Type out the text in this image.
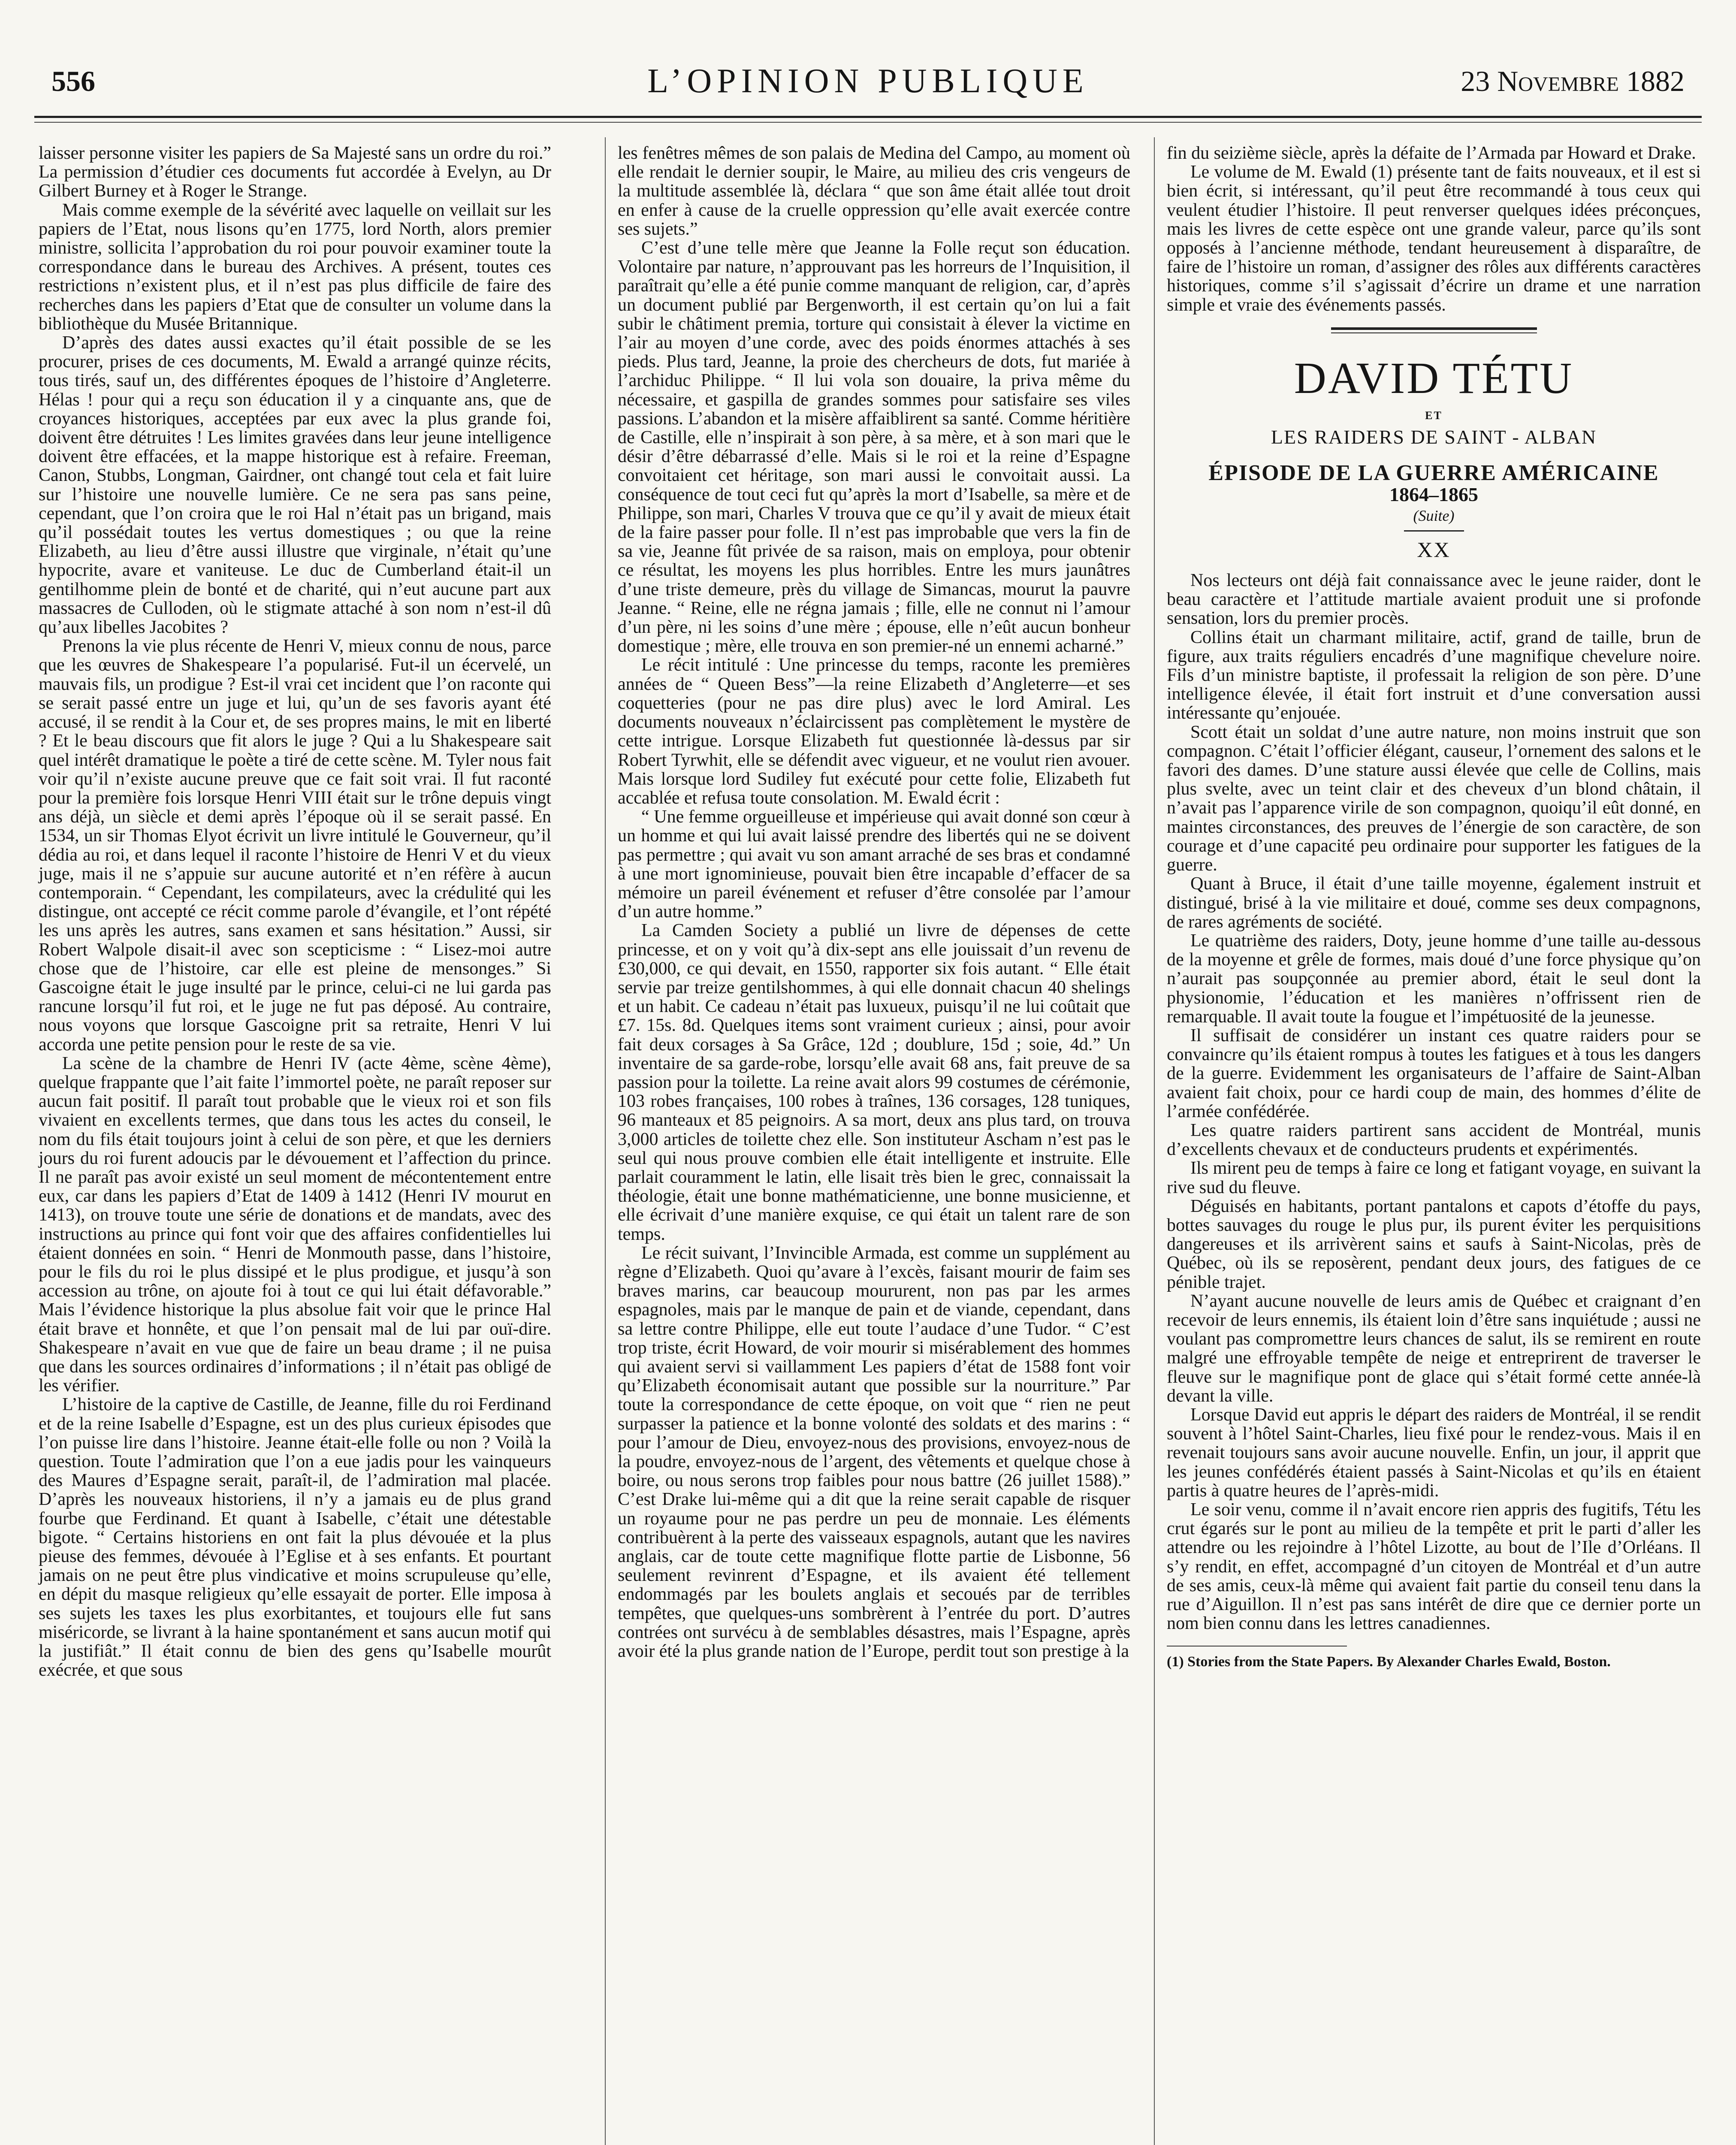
556	L’OPINION PUBLIQUE	23 Novembre 1882

laisser personne visiter les papiers de Sa Majesté sans un ordre du roi.” La permission d’étudier ces documents fut accordée à Evelyn, au Dr Gilbert Burney et à Roger le Strange.

Mais comme exemple de la sévérité avec laquelle on veillait sur les papiers de l’Etat, nous lisons qu’en 1775, lord North, alors premier ministre, sollicita l’approbation du roi pour pouvoir examiner toute la correspondance dans le bureau des Archives. A présent, toutes ces restrictions n’existent plus, et il n’est pas plus difficile de faire des recherches dans les papiers d’Etat que de consulter un volume dans la bibliothèque du Musée Britannique.

D’après des dates aussi exactes qu’il était possible de se les procurer, prises de ces documents, M. Ewald a arrangé quinze récits, tous tirés, sauf un, des différentes époques de l’histoire d’Angleterre. Hélas ! pour qui a reçu son éducation il y a cinquante ans, que de croyances historiques, acceptées par eux avec la plus grande foi, doivent être détruites ! Les limites gravées dans leur jeune intelligence doivent être effacées, et la mappe historique est à refaire. Freeman, Canon, Stubbs, Longman, Gairdner, ont changé tout cela et fait luire sur l’histoire une nouvelle lumière. Ce ne sera pas sans peine, cependant, que l’on croira que le roi Hal n’était pas un brigand, mais qu’il possédait toutes les vertus domestiques ; ou que la reine Elizabeth, au lieu d’être aussi illustre que virginale, n’était qu’une hypocrite, avare et vaniteuse. Le duc de Cumberland était-il un gentilhomme plein de bonté et de charité, qui n’eut aucune part aux massacres de Culloden, où le stigmate attaché à son nom n’est-il dû qu’aux libelles Jacobites ?

Prenons la vie plus récente de Henri V, mieux connu de nous, parce que les œuvres de Shakespeare l’a popularisé. Fut-il un écervelé, un mauvais fils, un prodigue ? Est-il vrai cet incident que l’on raconte qui se serait passé entre un juge et lui, qu’un de ses favoris ayant été accusé, il se rendit à la Cour et, de ses propres mains, le mit en liberté ? Et le beau discours que fit alors le juge ? Qui a lu Shakespeare sait quel intérêt dramatique le poète a tiré de cette scène. M. Tyler nous fait voir qu’il n’existe aucune preuve que ce fait soit vrai. Il fut raconté pour la première fois lorsque Henri VIII était sur le trône depuis vingt ans déjà, un siècle et demi après l’époque où il se serait passé. En 1534, un sir Thomas Elyot écrivit un livre intitulé le Gouverneur, qu’il dédia au roi, et dans lequel il raconte l’histoire de Henri V et du vieux juge, mais il ne s’appuie sur aucune autorité et n’en réfère à aucun contemporain. “ Cependant, les compilateurs, avec la crédulité qui les distingue, ont accepté ce récit comme parole d’évangile, et l’ont répété les uns après les autres, sans examen et sans hésitation.” Aussi, sir Robert Walpole disait-il avec son scepticisme : “ Lisez-moi autre chose que de l’histoire, car elle est pleine de mensonges.” Si Gascoigne était le juge insulté par le prince, celui-ci ne lui garda pas rancune lorsqu’il fut roi, et le juge ne fut pas déposé. Au contraire, nous voyons que lorsque Gascoigne prit sa retraite, Henri V lui accorda une petite pension pour le reste de sa vie.

La scène de la chambre de Henri IV (acte 4ème, scène 4ème), quelque frappante que l’ait faite l’immortel poète, ne paraît reposer sur aucun fait positif. Il paraît tout probable que le vieux roi et son fils vivaient en excellents termes, que dans tous les actes du conseil, le nom du fils était toujours joint à celui de son père, et que les derniers jours du roi furent adoucis par le dévouement et l’affection du prince. Il ne paraît pas avoir existé un seul moment de mécontentement entre eux, car dans les papiers d’Etat de 1409 à 1412 (Henri IV mourut en 1413), on trouve toute une série de donations et de mandats, avec des instructions au prince qui font voir que des affaires confidentielles lui étaient données en soin. “ Henri de Monmouth passe, dans l’histoire, pour le fils du roi le plus dissipé et le plus prodigue, et jusqu’à son accession au trône, on ajoute foi à tout ce qui lui était défavorable.” Mais l’évidence historique la plus absolue fait voir que le prince Hal était brave et honnête, et que l’on pensait mal de lui par ouï-dire. Shakespeare n’avait en vue que de faire un beau drame ; il ne puisa que dans les sources ordinaires d’informations ; il n’était pas obligé de les vérifier.

L’histoire de la captive de Castille, de Jeanne, fille du roi Ferdinand et de la reine Isabelle d’Espagne, est un des plus curieux épisodes que l’on puisse lire dans l’histoire. Jeanne était-elle folle ou non ? Voilà la question. Toute l’admiration que l’on a eue jadis pour les vainqueurs des Maures d’Espagne serait, paraît-il, de l’admiration mal placée. D’après les nouveaux historiens, il n’y a jamais eu de plus grand fourbe que Ferdinand. Et quant à Isabelle, c’était une détestable bigote. “ Certains historiens en ont fait la plus dévouée et la plus pieuse des femmes, dévouée à l’Eglise et à ses enfants. Et pourtant jamais on ne peut être plus vindicative et moins scrupuleuse qu’elle, en dépit du masque religieux qu’elle essayait de porter. Elle imposa à ses sujets les taxes les plus exorbitantes, et toujours elle fut sans miséricorde, se livrant à la haine spontanément et sans aucun motif qui la justifiât.” Il était connu de bien des gens qu’Isabelle mourût exécrée, et que sous

les fenêtres mêmes de son palais de Medina del Campo, au moment où elle rendait le dernier soupir, le Maire, au milieu des cris vengeurs de la multitude assemblée là, déclara “ que son âme était allée tout droit en enfer à cause de la cruelle oppression qu’elle avait exercée contre ses sujets.”

C’est d’une telle mère que Jeanne la Folle reçut son éducation. Volontaire par nature, n’approuvant pas les horreurs de l’Inquisition, il paraîtrait qu’elle a été punie comme manquant de religion, car, d’après un document publié par Bergenworth, il est certain qu’on lui a fait subir le châtiment premia, torture qui consistait à élever la victime en l’air au moyen d’une corde, avec des poids énormes attachés à ses pieds. Plus tard, Jeanne, la proie des chercheurs de dots, fut mariée à l’archiduc Philippe. “ Il lui vola son douaire, la priva même du nécessaire, et gaspilla de grandes sommes pour satisfaire ses viles passions. L’abandon et la misère affaiblirent sa santé. Comme héritière de Castille, elle n’inspirait à son père, à sa mère, et à son mari que le désir d’être débarrassé d’elle. Mais si le roi et la reine d’Espagne convoitaient cet héritage, son mari aussi le convoitait aussi. La conséquence de tout ceci fut qu’après la mort d’Isabelle, sa mère et de Philippe, son mari, Charles V trouva que ce qu’il y avait de mieux était de la faire passer pour folle. Il n’est pas improbable que vers la fin de sa vie, Jeanne fût privée de sa raison, mais on employa, pour obtenir ce résultat, les moyens les plus horribles. Entre les murs jaunâtres d’une triste demeure, près du village de Simancas, mourut la pauvre Jeanne. “ Reine, elle ne régna jamais ; fille, elle ne connut ni l’amour d’un père, ni les soins d’une mère ; épouse, elle n’eût aucun bonheur domestique ; mère, elle trouva en son premier-né un ennemi acharné.”

Le récit intitulé : Une princesse du temps, raconte les premières années de “ Queen Bess”—la reine Elizabeth d’Angleterre—et ses coquetteries (pour ne pas dire plus) avec le lord Amiral. Les documents nouveaux n’éclaircissent pas complètement le mystère de cette intrigue. Lorsque Elizabeth fut questionnée là-dessus par sir Robert Tyrwhit, elle se défendit avec vigueur, et ne voulut rien avouer. Mais lorsque lord Sudiley fut exécuté pour cette folie, Elizabeth fut accablée et refusa toute consolation. M. Ewald écrit :

“ Une femme orgueilleuse et impérieuse qui avait donné son cœur à un homme et qui lui avait laissé prendre des libertés qui ne se doivent pas permettre ; qui avait vu son amant arraché de ses bras et condamné à une mort ignominieuse, pouvait bien être incapable d’effacer de sa mémoire un pareil événement et refuser d’être consolée par l’amour d’un autre homme.”

La Camden Society a publié un livre de dépenses de cette princesse, et on y voit qu’à dix-sept ans elle jouissait d’un revenu de £30,000, ce qui devait, en 1550, rapporter six fois autant. “ Elle était servie par treize gentilshommes, à qui elle donnait chacun 40 shelings et un habit. Ce cadeau n’était pas luxueux, puisqu’il ne lui coûtait que £7. 15s. 8d. Quelques items sont vraiment curieux ; ainsi, pour avoir fait deux corsages à Sa Grâce, 12d ; doublure, 15d ; soie, 4d.” Un inventaire de sa garde-robe, lorsqu’elle avait 68 ans, fait preuve de sa passion pour la toilette. La reine avait alors 99 costumes de cérémonie, 103 robes françaises, 100 robes à traînes, 136 corsages, 128 tuniques, 96 manteaux et 85 peignoirs. A sa mort, deux ans plus tard, on trouva 3,000 articles de toilette chez elle. Son instituteur Ascham n’est pas le seul qui nous prouve combien elle était intelligente et instruite. Elle parlait couramment le latin, elle lisait très bien le grec, connaissait la théologie, était une bonne mathématicienne, une bonne musicienne, et elle écrivait d’une manière exquise, ce qui était un talent rare de son temps.

Le récit suivant, l’Invincible Armada, est comme un supplément au règne d’Elizabeth. Quoi qu’avare à l’excès, faisant mourir de faim ses braves marins, car beaucoup moururent, non pas par les armes espagnoles, mais par le manque de pain et de viande, cependant, dans sa lettre contre Philippe, elle eut toute l’audace d’une Tudor. “ C’est trop triste, écrit Howard, de voir mourir si misérablement des hommes qui avaient servi si vaillamment Les papiers d’état de 1588 font voir qu’Elizabeth économisait autant que possible sur la nourriture.” Par toute la correspondance de cette époque, on voit que “ rien ne peut surpasser la patience et la bonne volonté des soldats et des marins : “ pour l’amour de Dieu, envoyez-nous des provisions, envoyez-nous de la poudre, envoyez-nous de l’argent, des vêtements et quelque chose à boire, ou nous serons trop faibles pour nous battre (26 juillet 1588).” C’est Drake lui-même qui a dit que la reine serait capable de risquer un royaume pour ne pas perdre un peu de monnaie. Les éléments contribuèrent à la perte des vaisseaux espagnols, autant que les navires anglais, car de toute cette magnifique flotte partie de Lisbonne, 56 seulement revinrent d’Espagne, et ils avaient été tellement endommagés par les boulets anglais et secoués par de terribles tempêtes, que quelques-uns sombrèrent à l’entrée du port. D’autres contrées ont survécu à de semblables désastres, mais l’Espagne, après avoir été la plus grande nation de l’Europe, perdit tout son prestige à la

fin du seizième siècle, après la défaite de l’Armada par Howard et Drake.

Le volume de M. Ewald (1) présente tant de faits nouveaux, et il est si bien écrit, si intéressant, qu’il peut être recommandé à tous ceux qui veulent étudier l’histoire. Il peut renverser quelques idées préconçues, mais les livres de cette espèce ont une grande valeur, parce qu’ils sont opposés à l’ancienne méthode, tendant heureusement à disparaître, de faire de l’histoire un roman, d’assigner des rôles aux différents caractères historiques, comme s’il s’agissait d’écrire un drame et une narration simple et vraie des événements passés.

DAVID TÉTU
ET
LES RAIDERS DE SAINT - ALBAN
ÉPISODE DE LA GUERRE AMÉRICAINE
1864–1865
(Suite)
XX

Nos lecteurs ont déjà fait connaissance avec le jeune raider, dont le beau caractère et l’attitude martiale avaient produit une si profonde sensation, lors du premier procès.

Collins était un charmant militaire, actif, grand de taille, brun de figure, aux traits réguliers encadrés d’une magnifique chevelure noire. Fils d’un ministre baptiste, il professait la religion de son père. D’une intelligence élevée, il était fort instruit et d’une conversation aussi intéressante qu’enjouée.

Scott était un soldat d’une autre nature, non moins instruit que son compagnon. C’était l’officier élégant, causeur, l’ornement des salons et le favori des dames. D’une stature aussi élevée que celle de Collins, mais plus svelte, avec un teint clair et des cheveux d’un blond châtain, il n’avait pas l’apparence virile de son compagnon, quoiqu’il eût donné, en maintes circonstances, des preuves de l’énergie de son caractère, de son courage et d’une capacité peu ordinaire pour supporter les fatigues de la guerre.

Quant à Bruce, il était d’une taille moyenne, également instruit et distingué, brisé à la vie militaire et doué, comme ses deux compagnons, de rares agréments de société.

Le quatrième des raiders, Doty, jeune homme d’une taille au-dessous de la moyenne et grêle de formes, mais doué d’une force physique qu’on n’aurait pas soupçonnée au premier abord, était le seul dont la physionomie, l’éducation et les manières n’offrissent rien de remarquable. Il avait toute la fougue et l’impétuosité de la jeunesse.

Il suffisait de considérer un instant ces quatre raiders pour se convaincre qu’ils étaient rompus à toutes les fatigues et à tous les dangers de la guerre. Evidemment les organisateurs de l’affaire de Saint-Alban avaient fait choix, pour ce hardi coup de main, des hommes d’élite de l’armée confédérée.

Les quatre raiders partirent sans accident de Montréal, munis d’excellents chevaux et de conducteurs prudents et expérimentés.

Ils mirent peu de temps à faire ce long et fatigant voyage, en suivant la rive sud du fleuve.

Déguisés en habitants, portant pantalons et capots d’étoffe du pays, bottes sauvages du rouge le plus pur, ils purent éviter les perquisitions dangereuses et ils arrivèrent sains et saufs à Saint-Nicolas, près de Québec, où ils se reposèrent, pendant deux jours, des fatigues de ce pénible trajet.

N’ayant aucune nouvelle de leurs amis de Québec et craignant d’en recevoir de leurs ennemis, ils étaient loin d’être sans inquiétude ; aussi ne voulant pas compromettre leurs chances de salut, ils se remirent en route malgré une effroyable tempête de neige et entreprirent de traverser le fleuve sur le magnifique pont de glace qui s’était formé cette année-là devant la ville.

Lorsque David eut appris le départ des raiders de Montréal, il se rendit souvent à l’hôtel Saint-Charles, lieu fixé pour le rendez-vous. Mais il en revenait toujours sans avoir aucune nouvelle. Enfin, un jour, il apprit que les jeunes confédérés étaient passés à Saint-Nicolas et qu’ils en étaient partis à quatre heures de l’après-midi.

Le soir venu, comme il n’avait encore rien appris des fugitifs, Tétu les crut égarés sur le pont au milieu de la tempête et prit le parti d’aller les attendre ou les rejoindre à l’hôtel Lizotte, au bout de l’Ile d’Orléans. Il s’y rendit, en effet, accompagné d’un citoyen de Montréal et d’un autre de ses amis, ceux-là même qui avaient fait partie du conseil tenu dans la rue d’Aiguillon. Il n’est pas sans intérêt de dire que ce dernier porte un nom bien connu dans les lettres canadiennes.

(1) Stories from the State Papers. By Alexander Charles Ewald, Boston.
